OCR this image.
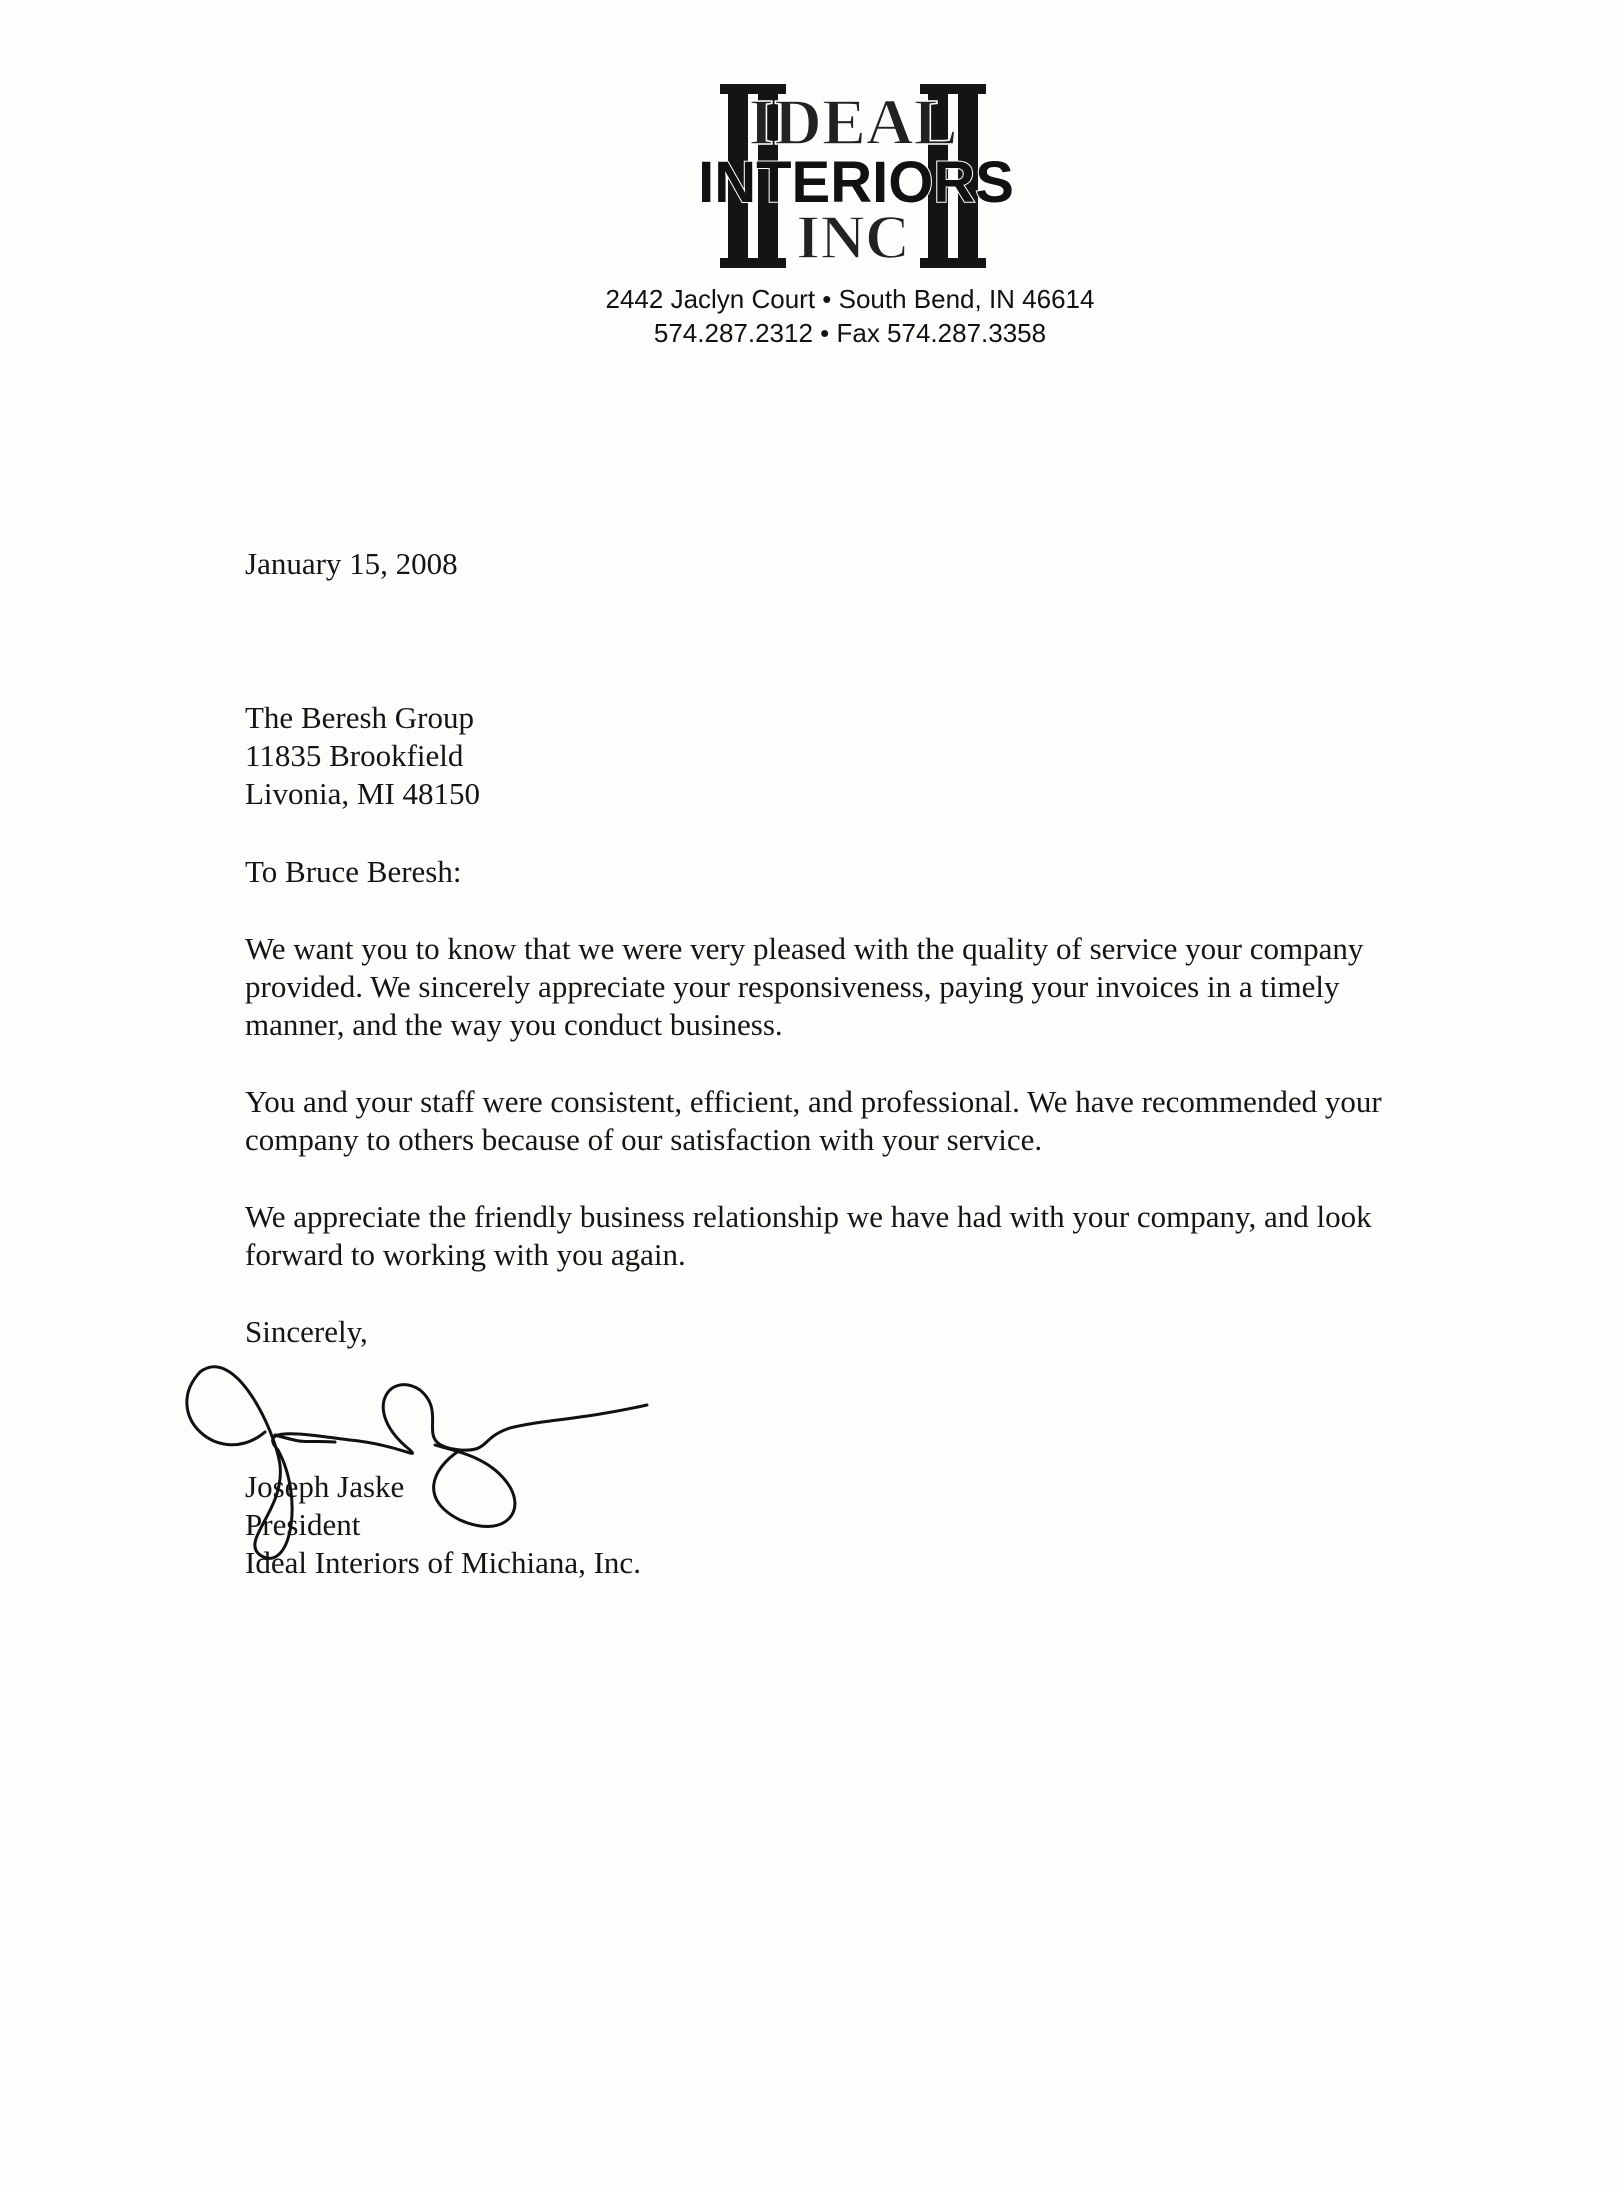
IDEAL
INTERIORS
INC
2442 Jaclyn Court • South Bend, IN 46614
574.287.2312 • Fax 574.287.3358
January 15, 2008
The Beresh Group
11835 Brookfield
Livonia, MI 48150
To Bruce Beresh:
We want you to know that we were very pleased with the quality of service your company provided. We sincerely appreciate your responsiveness, paying your invoices in a timely manner, and the way you conduct business.
You and your staff were consistent, efficient, and professional. We have recommended your company to others because of our satisfaction with your service.
We appreciate the friendly business relationship we have had with your company, and look forward to working with you again.
Sincerely,
Joseph Jaske
President
Ideal Interiors of Michiana, Inc.
